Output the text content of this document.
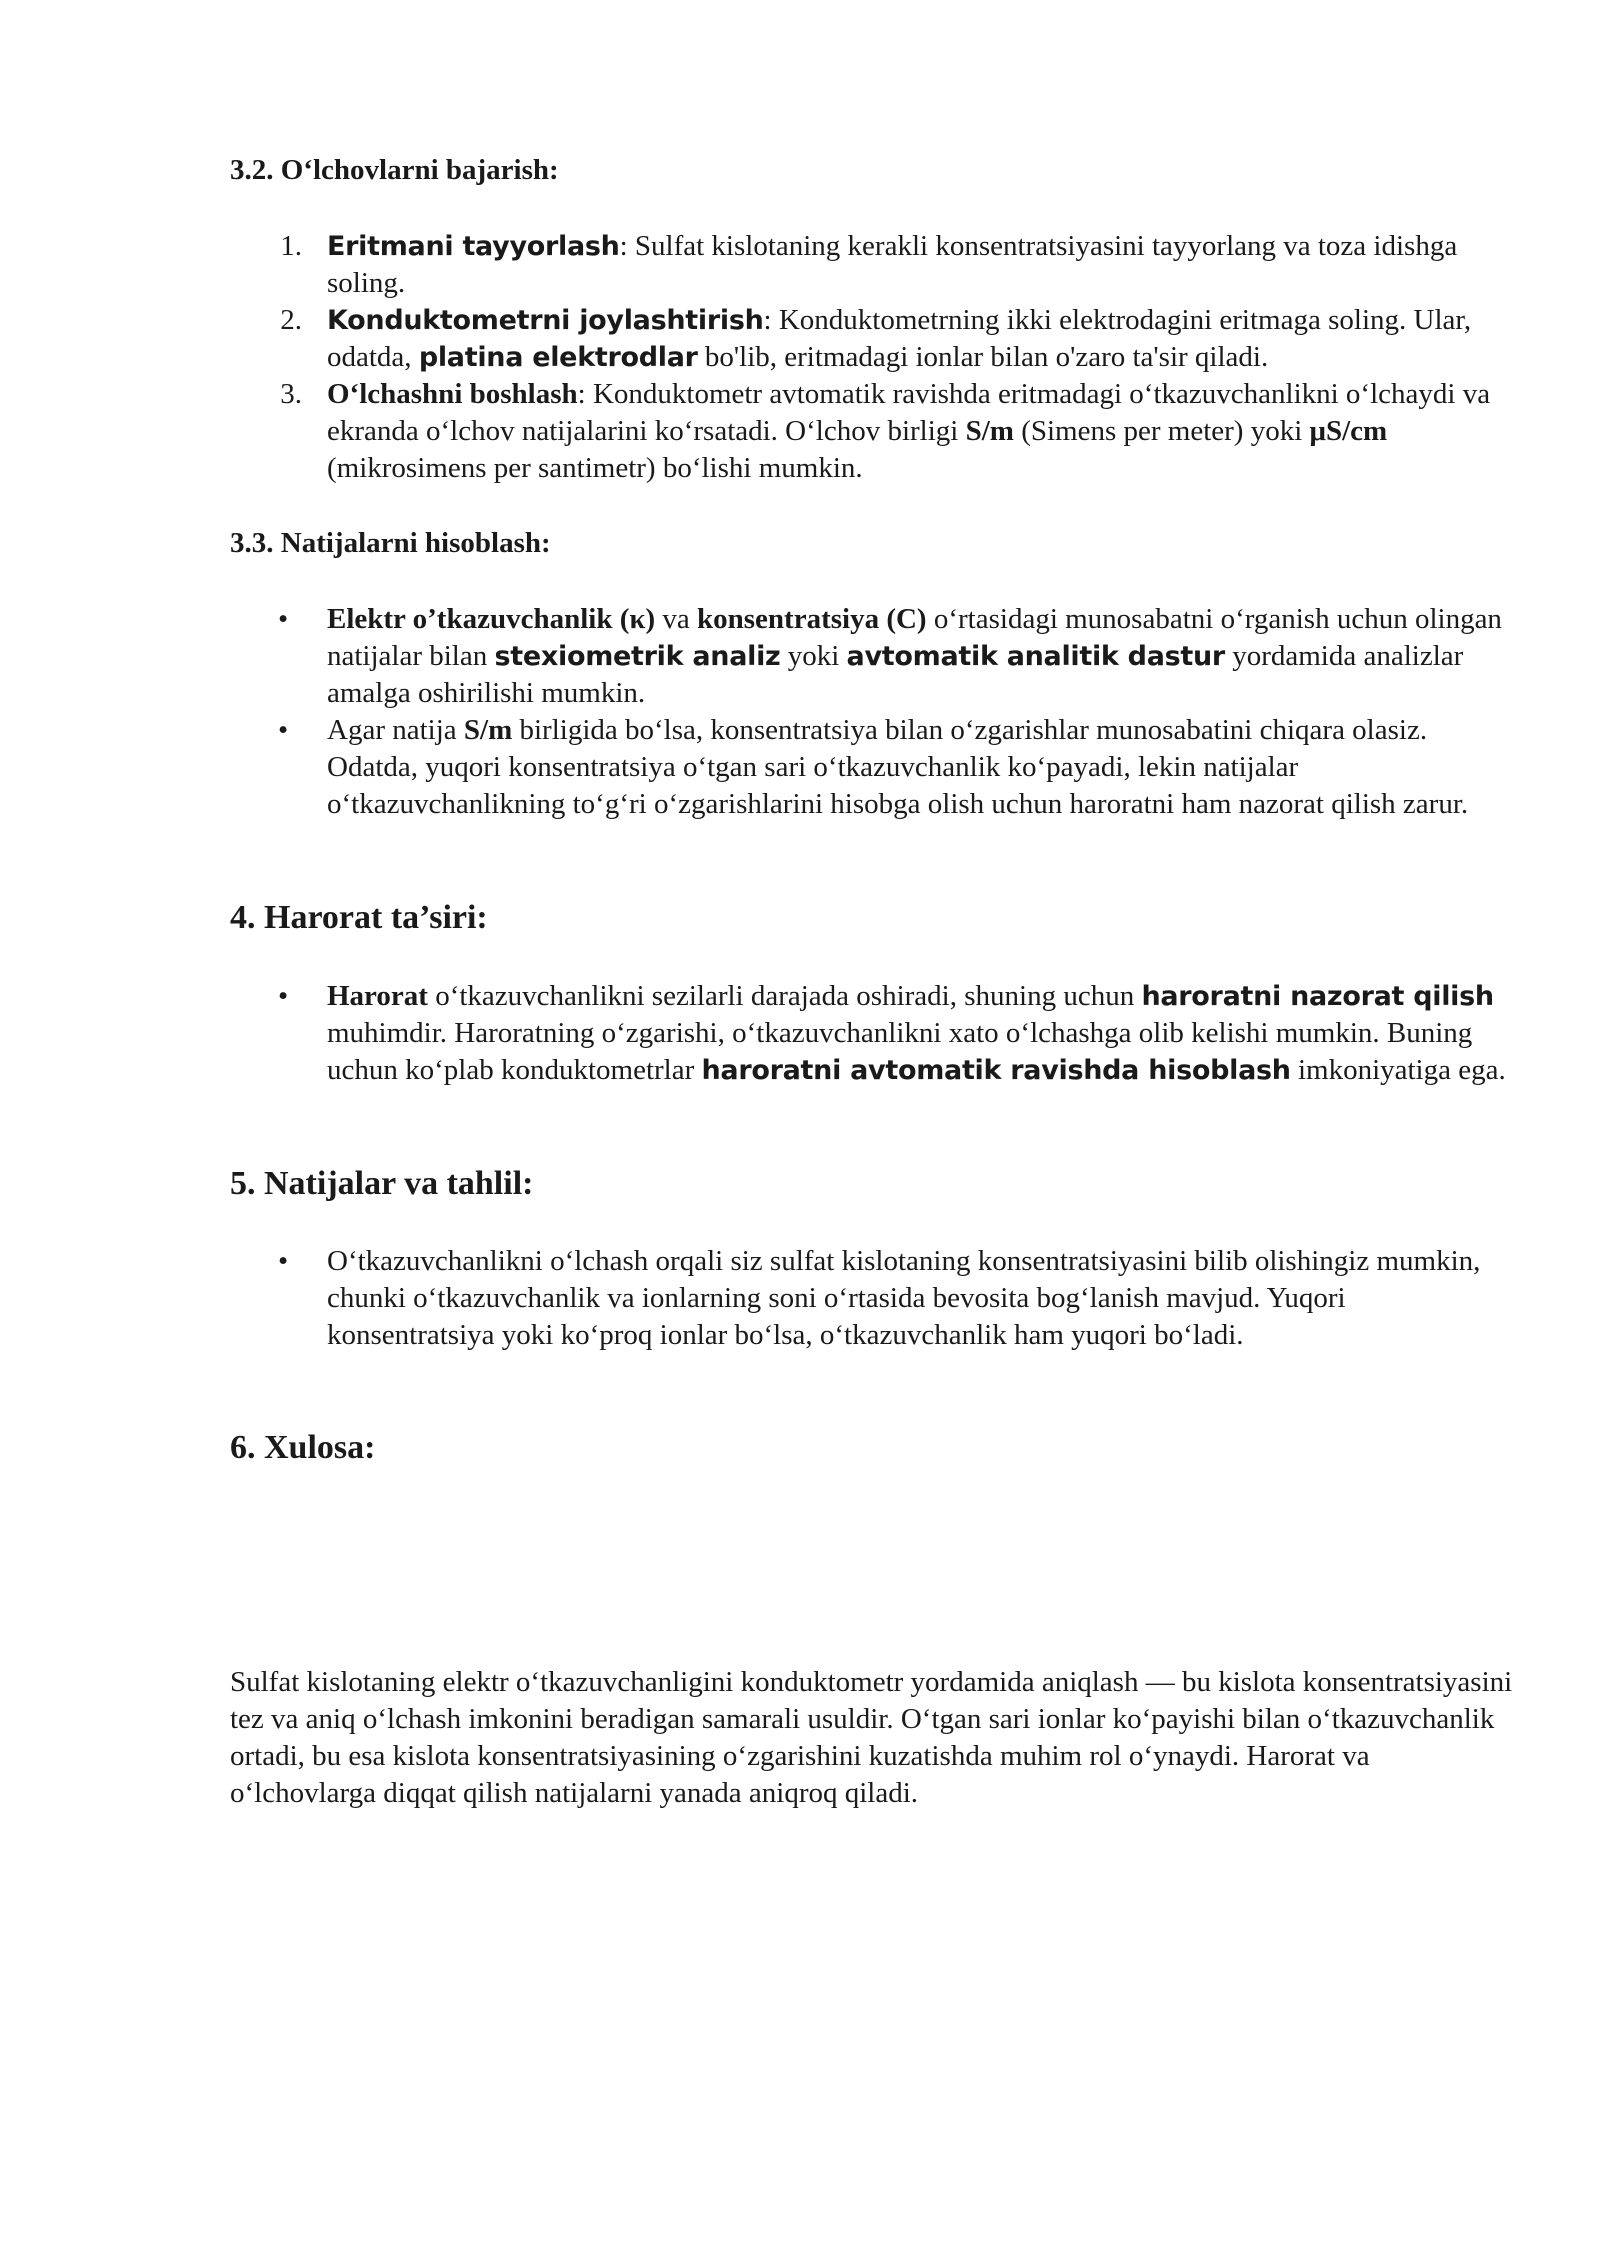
3.2. O‘lchovlarni bajarish:
1. Eritmani tayyorlash: Sulfat kislotaning kerakli konsentratsiyasini tayyorlang va toza idishga soling.
2. Konduktometrni joylashtirish: Konduktometrning ikki elektrodagini eritmaga soling. Ular, odatda, platina elektrodlar bo'lib, eritmadagi ionlar bilan o'zaro ta'sir qiladi.
3. O‘lchashni boshlash: Konduktometr avtomatik ravishda eritmadagi o‘tkazuvchanlikni o‘lchaydi va ekranda o‘lchov natijalarini ko‘rsatadi. O‘lchov birligi S/m (Simens per meter) yoki μS/cm (mikrosimens per santimetr) bo‘lishi mumkin.
3.3. Natijalarni hisoblash:
• Elektr o’tkazuvchanlik (κ) va konsentratsiya (C) o‘rtasidagi munosabatni o‘rganish uchun olingan natijalar bilan stexiometrik analiz yoki avtomatik analitik dastur yordamida analizlar amalga oshirilishi mumkin.
• Agar natija S/m birligida bo‘lsa, konsentratsiya bilan o‘zgarishlar munosabatini chiqara olasiz. Odatda, yuqori konsentratsiya o‘tgan sari o‘tkazuvchanlik ko‘payadi, lekin natijalar o‘tkazuvchanlikning to‘g‘ri o‘zgarishlarini hisobga olish uchun haroratni ham nazorat qilish zarur.
4. Harorat ta’siri:
• Harorat o‘tkazuvchanlikni sezilarli darajada oshiradi, shuning uchun haroratni nazorat qilish muhimdir. Haroratning o‘zgarishi, o‘tkazuvchanlikni xato o‘lchashga olib kelishi mumkin. Buning uchun ko‘plab konduktometrlar haroratni avtomatik ravishda hisoblash imkoniyatiga ega.
5. Natijalar va tahlil:
• O‘tkazuvchanlikni o‘lchash orqali siz sulfat kislotaning konsentratsiyasini bilib olishingiz mumkin, chunki o‘tkazuvchanlik va ionlarning soni o‘rtasida bevosita bog‘lanish mavjud. Yuqori konsentratsiya yoki ko‘proq ionlar bo‘lsa, o‘tkazuvchanlik ham yuqori bo‘ladi.
6. Xulosa:

Sulfat kislotaning elektr o‘tkazuvchanligini konduktometr yordamida aniqlash — bu kislota konsentratsiyasini tez va aniq o‘lchash imkonini beradigan samarali usuldir. O‘tgan sari ionlar ko‘payishi bilan o‘tkazuvchanlik ortadi, bu esa kislota konsentratsiyasining o‘zgarishini kuzatishda muhim rol o‘ynaydi. Harorat va o‘lchovlarga diqqat qilish natijalarni yanada aniqroq qiladi.
